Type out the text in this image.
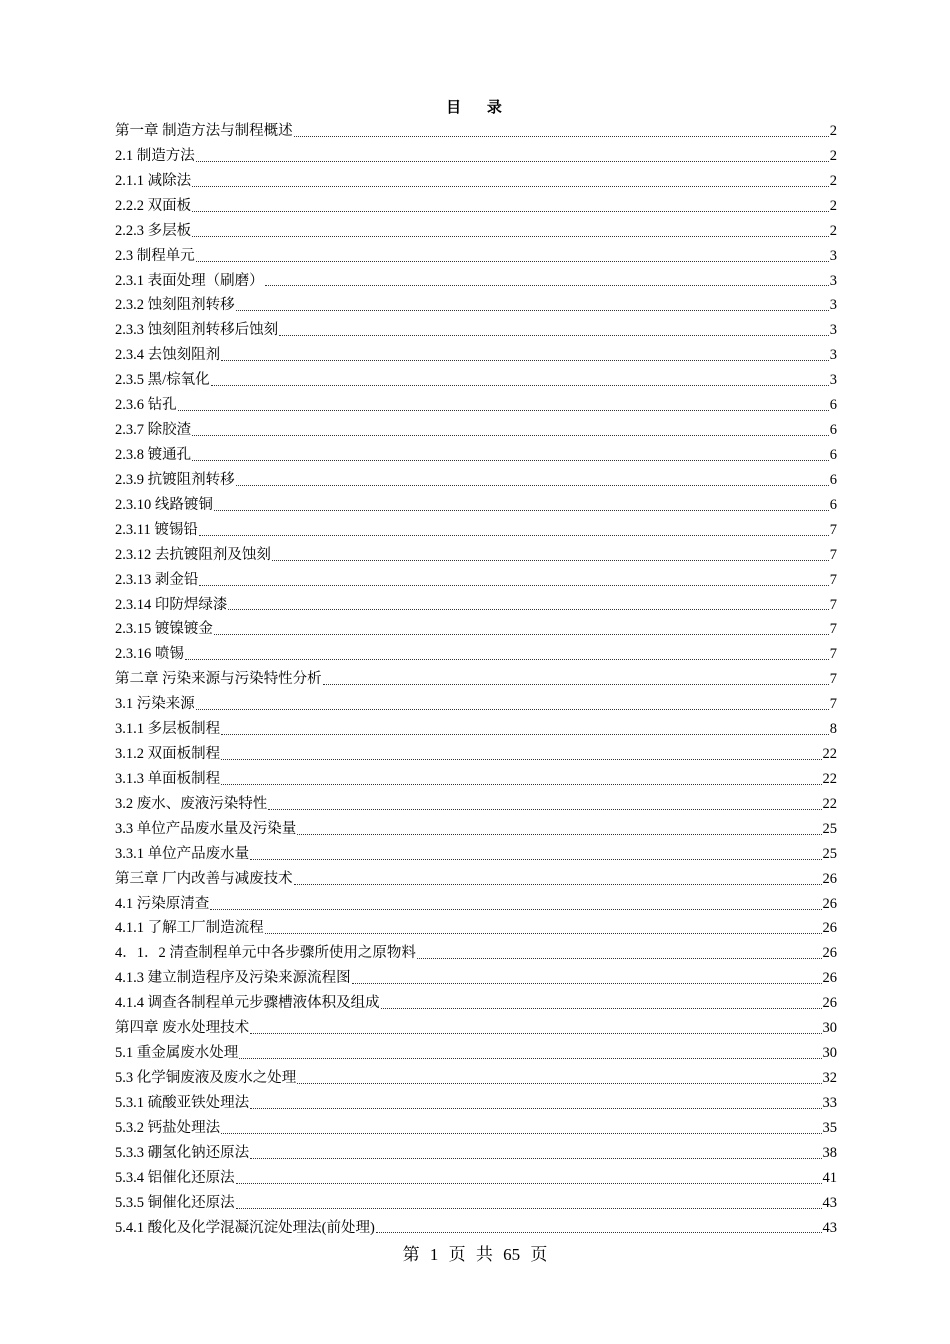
目 录
第一章 制造方法与制程概述	2
2.1 制造方法	2
2.1.1 减除法	2
2.2.2 双面板	2
2.2.3 多层板	2
2.3 制程单元	3
2.3.1 表面处理（刷磨）	3
2.3.2 蚀刻阻剂转移	3
2.3.3 蚀刻阻剂转移后蚀刻	3
2.3.4 去蚀刻阻剂	3
2.3.5 黑/棕氧化	3
2.3.6 钻孔	6
2.3.7 除胶渣	6
2.3.8 镀通孔	6
2.3.9 抗镀阻剂转移	6
2.3.10 线路镀铜	6
2.3.11 镀锡铅	7
2.3.12 去抗镀阻剂及蚀刻	7
2.3.13 剥金铅	7
2.3.14 印防焊绿漆	7
2.3.15 镀镍镀金	7
2.3.16 喷锡	7
第二章 污染来源与污染特性分析	7
3.1 污染来源	7
3.1.1 多层板制程	8
3.1.2 双面板制程	22
3.1.3 单面板制程	22
3.2 废水、废液污染特性	22
3.3 单位产品废水量及污染量	25
3.3.1 单位产品废水量	25
第三章 厂内改善与减废技术	26
4.1 污染原清查	26
4.1.1 了解工厂制造流程	26
4．1．2 清查制程单元中各步骤所使用之原物料	26
4.1.3 建立制造程序及污染来源流程图	26
4.1.4 调查各制程单元步骤槽液体积及组成	26
第四章 废水处理技术	30
5.1 重金属废水处理	30
5.3 化学铜废液及废水之处理	32
5.3.1 硫酸亚铁处理法	33
5.3.2 钙盐处理法	35
5.3.3 硼氢化钠还原法	38
5.3.4 铝催化还原法	41
5.3.5 铜催化还原法	43
5.4.1 酸化及化学混凝沉淀处理法(前处理)	43
第 1 页 共 65 页
